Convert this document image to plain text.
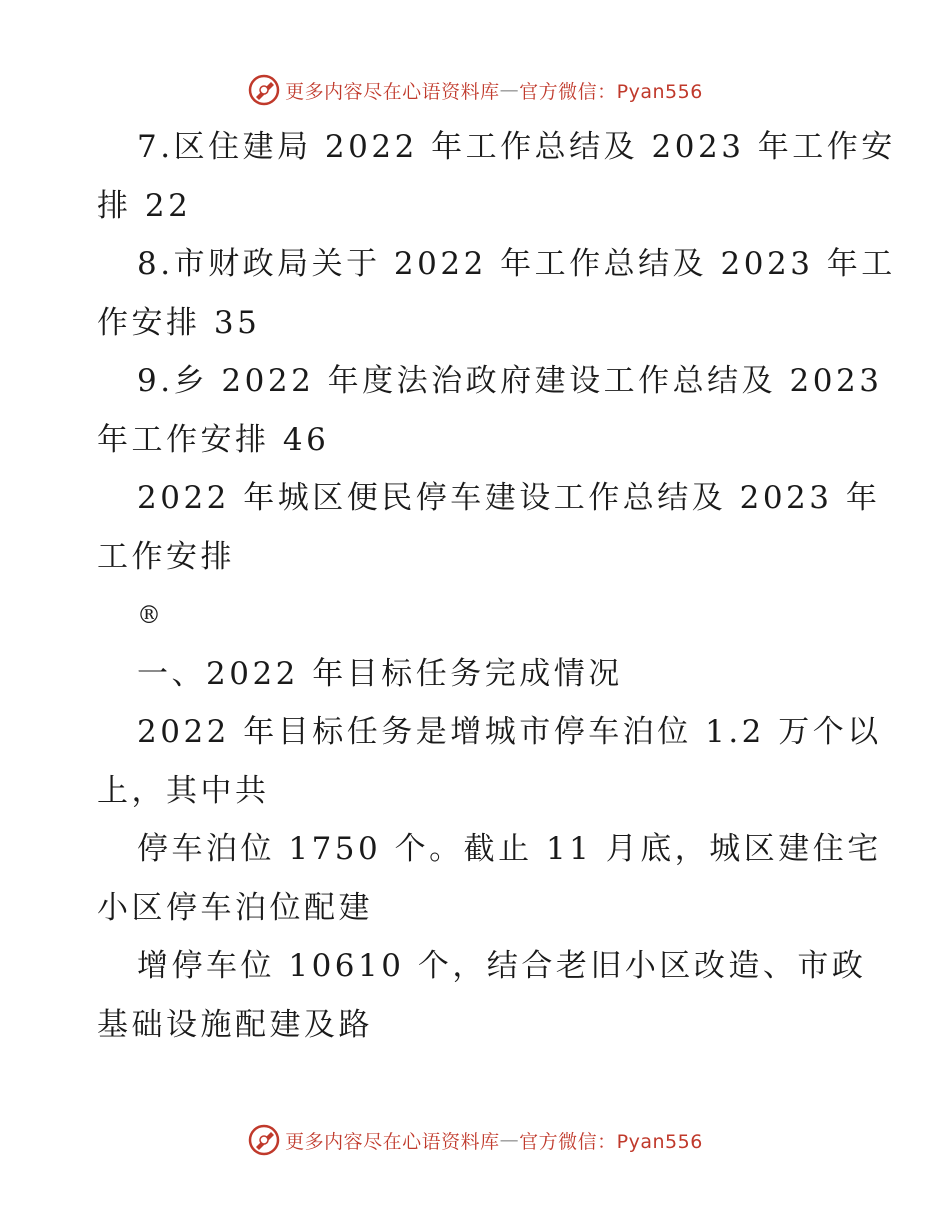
更多内容尽在心语资料库 — 官方微信：Pyan556
7.区住建局 2022 年工作总结及 2023 年工作安
排 22
8.市财政局关于 2022 年工作总结及 2023 年工
作安排 35
9.乡 2022 年度法治政府建设工作总结及 2023
年工作安排 46
2022 年城区便民停车建设工作总结及 2023 年
工作安排
®
一、2022 年目标任务完成情况
2022 年目标任务是增城市停车泊位 1.2 万个以
上，其中共
停车泊位 1750 个。截止 11 月底，城区建住宅
小区停车泊位配建
增停车位 10610 个，结合老旧小区改造、市政
基础设施配建及路
更多内容尽在心语资料库 — 官方微信：Pyan556
